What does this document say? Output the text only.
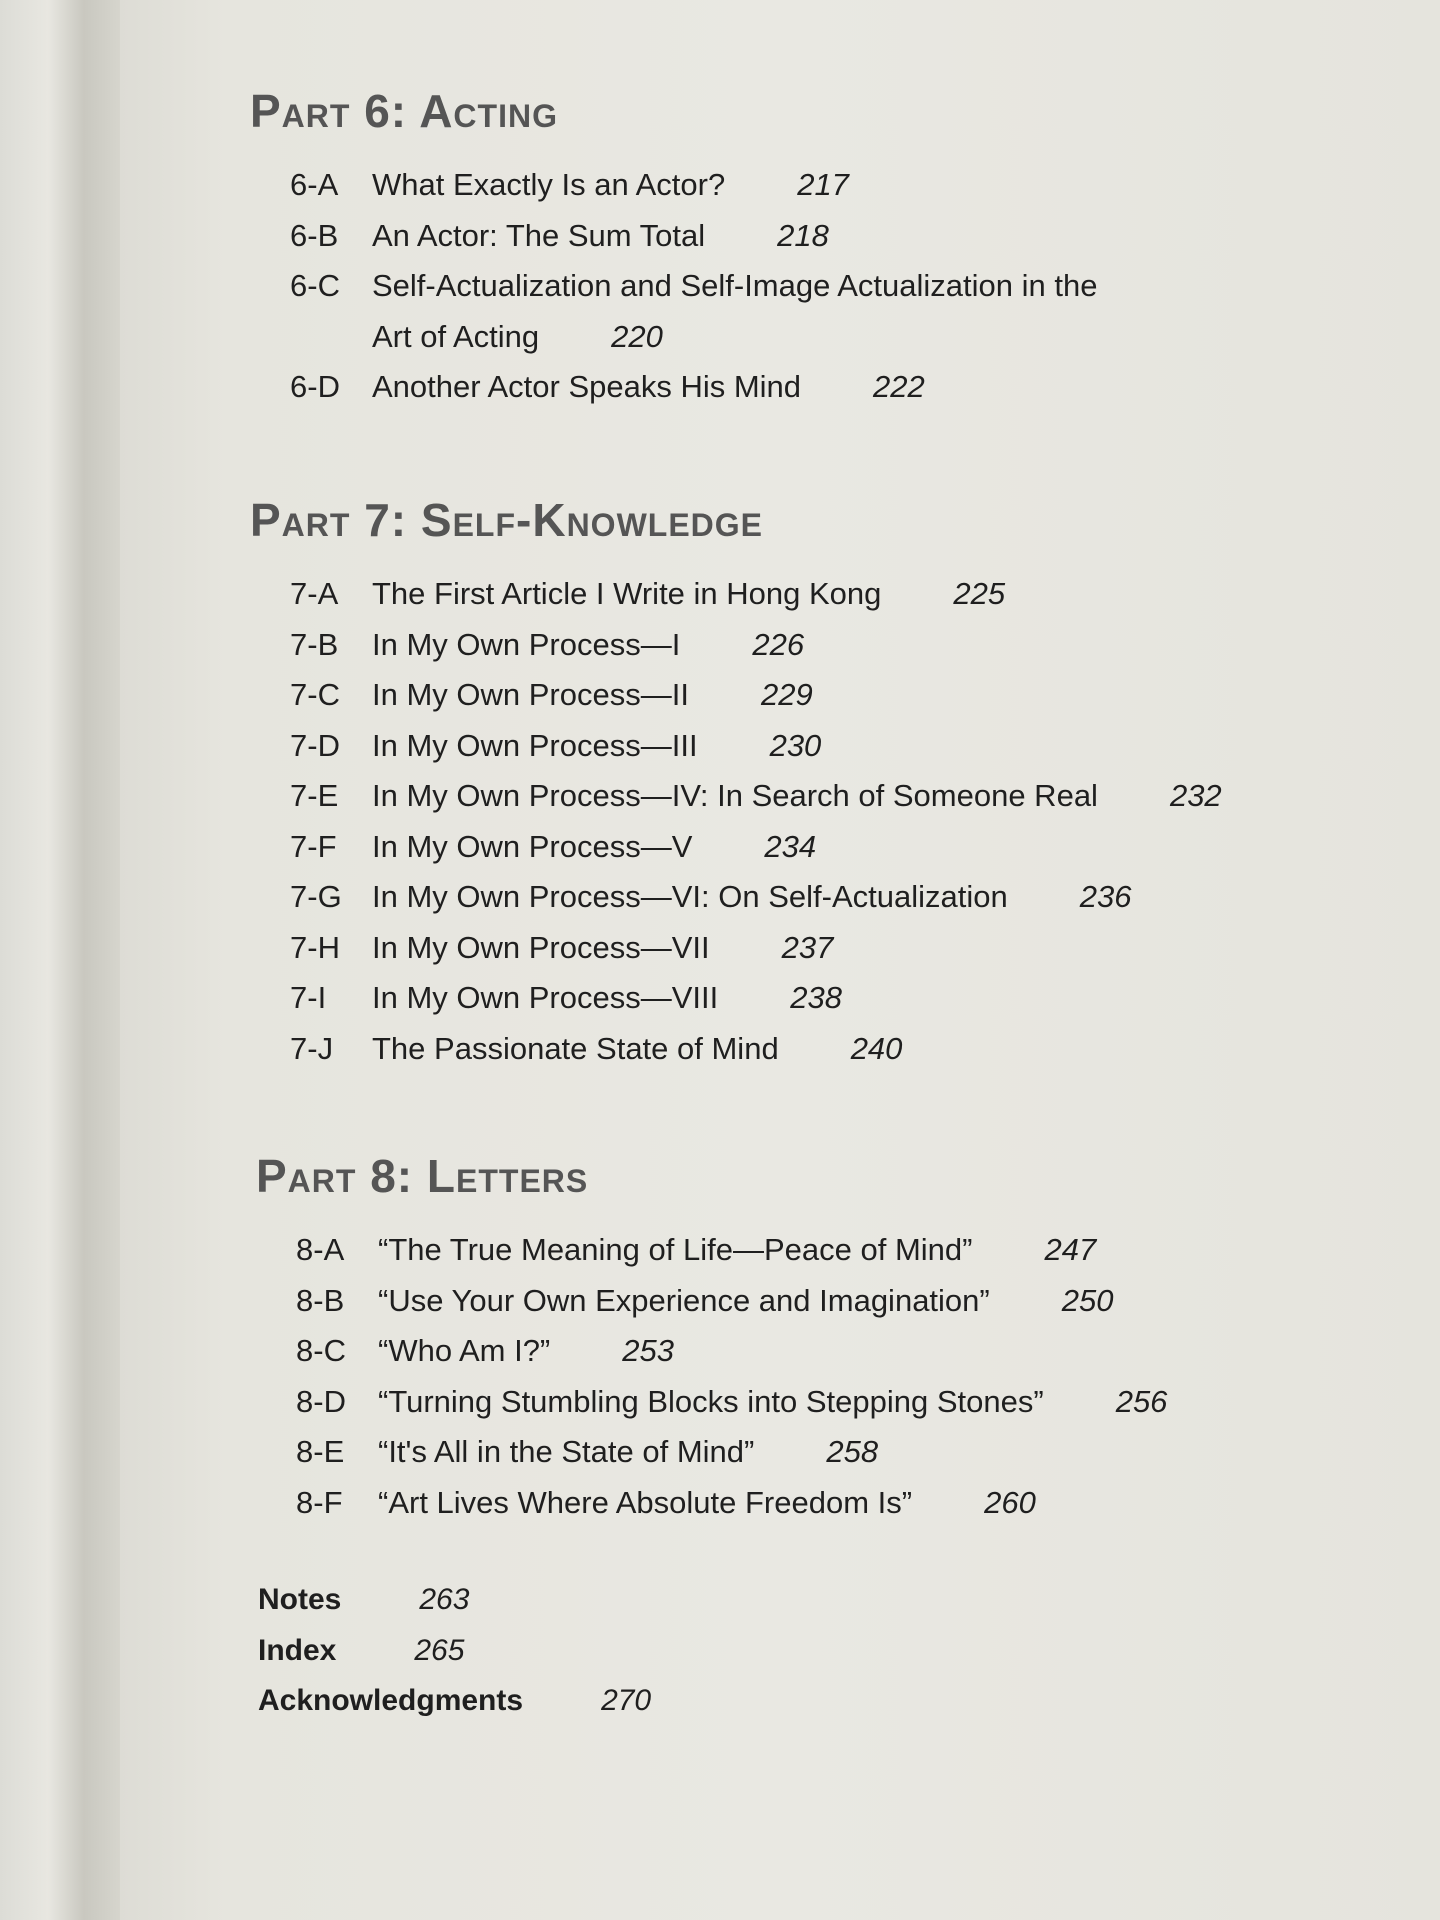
Part 6: Acting
6-A	What Exactly Is an Actor? 217
6-B	An Actor: The Sum Total 218
6-C	Self-Actualization and Self-Image Actualization in the
Art of Acting 220
6-D	Another Actor Speaks His Mind 222
Part 7: Self-Knowledge
7-A	The First Article I Write in Hong Kong 225
7-B	In My Own Process—I 226
7-C	In My Own Process—II 229
7-D	In My Own Process—III 230
7-E	In My Own Process—IV: In Search of Someone Real 232
7-F	In My Own Process—V 234
7-G In My Own Process—VI: On Self-Actualization 236
7-H	In My Own Process—VII 237
7-I	In My Own Process—VIII 238
7-J	The Passionate State of Mind 240
Part 8: Letters
8-A	“The True Meaning of Life—Peace of Mind” 247
8-B	“Use Your Own Experience and Imagination” 250
8-C	“Who Am I?” 253
8-D	“Turning Stumbling Blocks into Stepping Stones” 256
8-E	“It's All in the State of Mind” 258
8-F	“Art Lives Where Absolute Freedom Is” 260
Notes	263
Index	265
Acknowledgments	270
